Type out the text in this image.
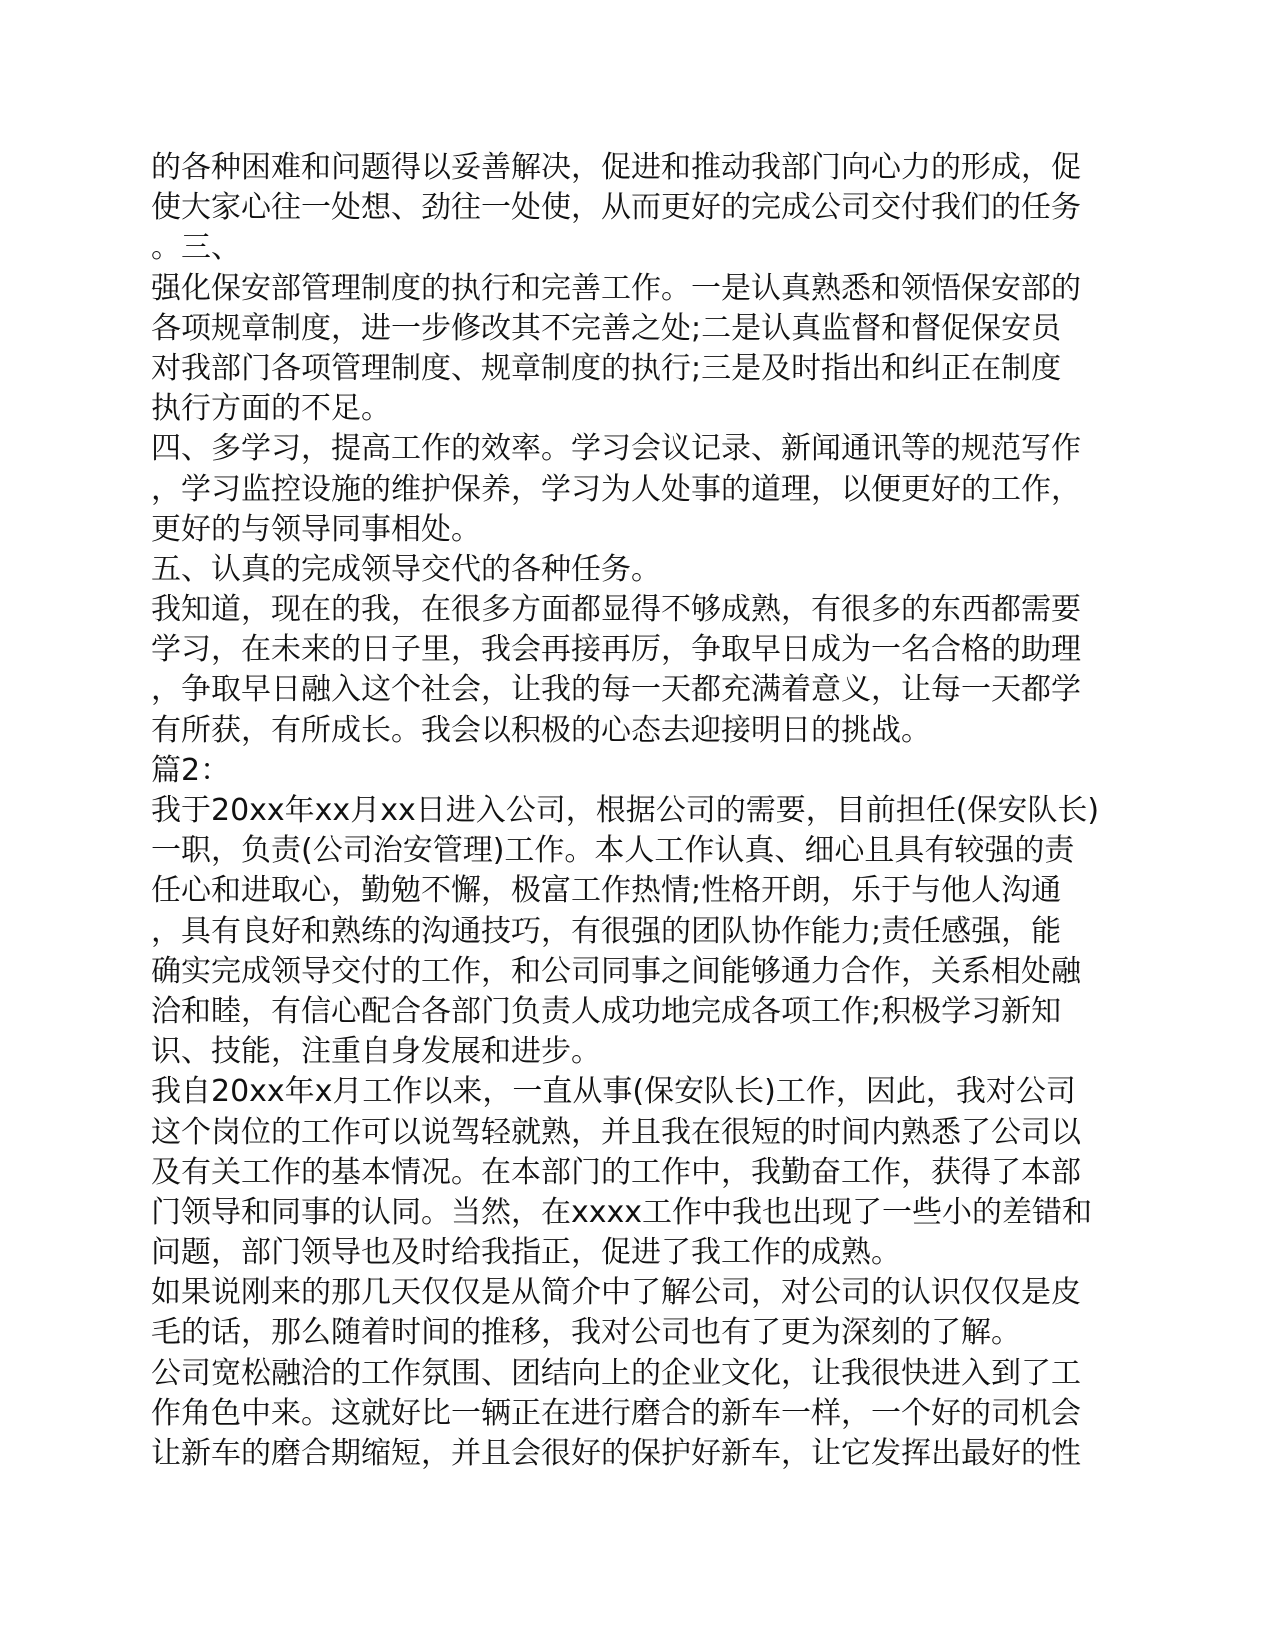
的各种困难和问题得以妥善解决，促进和推动我部门向心力的形成，促
使大家心往一处想、劲往一处使，从而更好的完成公司交付我们的任务
。三、
强化保安部管理制度的执行和完善工作。一是认真熟悉和领悟保安部的
各项规章制度，进一步修改其不完善之处;二是认真监督和督促保安员
对我部门各项管理制度、规章制度的执行;三是及时指出和纠正在制度
执行方面的不足。
四、多学习，提高工作的效率。学习会议记录、新闻通讯等的规范写作
，学习监控设施的维护保养，学习为人处事的道理，以便更好的工作，
更好的与领导同事相处。
五、认真的完成领导交代的各种任务。
我知道，现在的我，在很多方面都显得不够成熟，有很多的东西都需要
学习，在未来的日子里，我会再接再厉，争取早日成为一名合格的助理
，争取早日融入这个社会，让我的每一天都充满着意义，让每一天都学
有所获，有所成长。我会以积极的心态去迎接明日的挑战。
篇2：
我于20xx年xx月xx日进入公司，根据公司的需要，目前担任(保安队长)
一职，负责(公司治安管理)工作。本人工作认真、细心且具有较强的责
任心和进取心，勤勉不懈，极富工作热情;性格开朗，乐于与他人沟通
，具有良好和熟练的沟通技巧，有很强的团队协作能力;责任感强，能
确实完成领导交付的工作，和公司同事之间能够通力合作，关系相处融
洽和睦，有信心配合各部门负责人成功地完成各项工作;积极学习新知
识、技能，注重自身发展和进步。
我自20xx年x月工作以来，一直从事(保安队长)工作，因此，我对公司
这个岗位的工作可以说驾轻就熟，并且我在很短的时间内熟悉了公司以
及有关工作的基本情况。在本部门的工作中，我勤奋工作，获得了本部
门领导和同事的认同。当然，在xxxx工作中我也出现了一些小的差错和
问题，部门领导也及时给我指正，促进了我工作的成熟。
如果说刚来的那几天仅仅是从简介中了解公司，对公司的认识仅仅是皮
毛的话，那么随着时间的推移，我对公司也有了更为深刻的了解。
公司宽松融洽的工作氛围、团结向上的企业文化，让我很快进入到了工
作角色中来。这就好比一辆正在进行磨合的新车一样，一个好的司机会
让新车的磨合期缩短，并且会很好的保护好新车，让它发挥出最好的性
